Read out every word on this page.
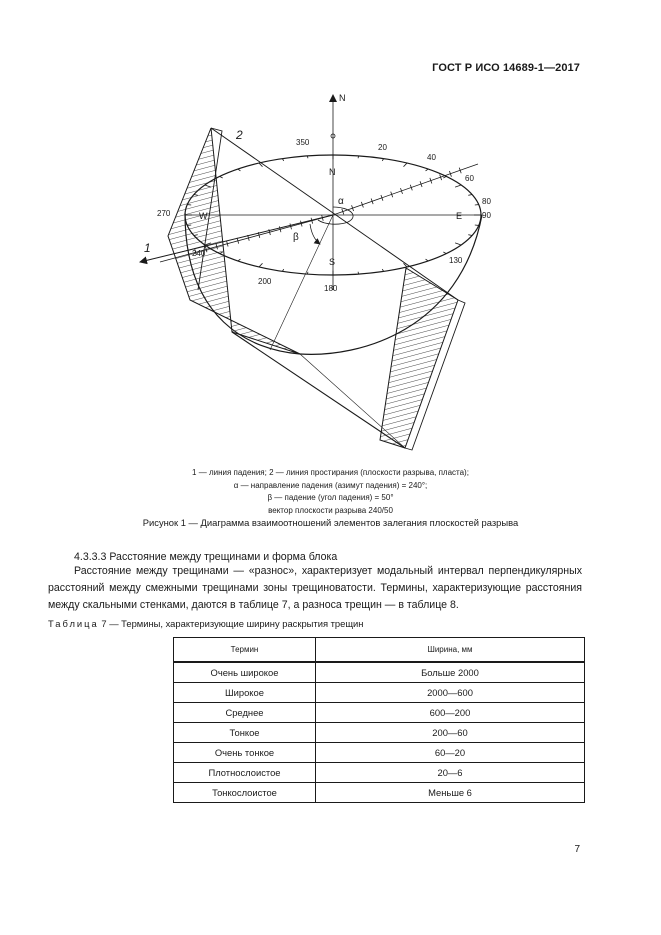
ГОСТ Р ИСО 14689-1—2017
N
N
S
W	E
350
20
40
60
80
90
130
180
200
240
270
1
2
α
β
1 — линия падения; 2 — линия простирания (плоскости разрыва, пласта);
α — направление падения (азимут падения) = 240°;
β — падение (угол падения) = 50°
вектор плоскости разрыва 240/50
Рисунок 1 — Диаграмма взаимоотношений элементов залегания плоскостей разрыва
4.3.3.3 Расстояние между трещинами и форма блока
Расстояние между трещинами — «разнос», характеризует модальный интервал перпендикулярных расстояний между смежными трещинами зоны трещиноватости. Термины, характеризующие расстояния между скальными стенками, даются в таблице 7, а разноса трещин — в таблице 8.
Таблица 7 — Термины, характеризующие ширину раскрытия трещин
Термин	Ширина, мм
Очень широкое	Больше 2000
Широкое	2000—600
Среднее	600—200
Тонкое	200—60
Очень тонкое	60—20
Плотнослоистое	20—6
Тонкослоистое	Меньше 6
7
